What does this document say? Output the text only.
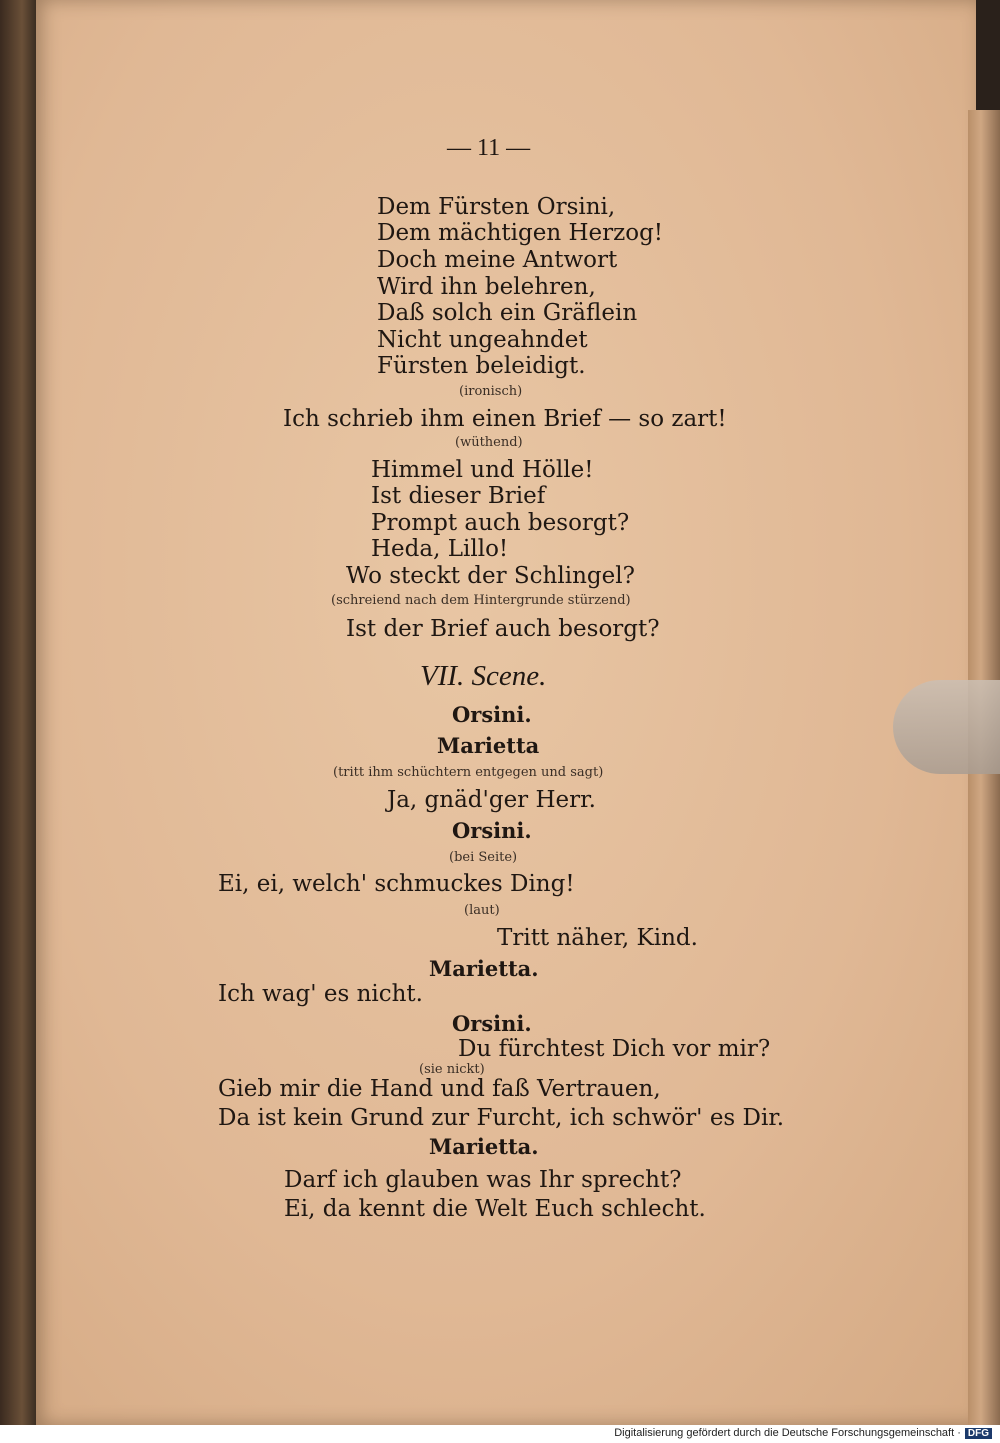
— 11 —
Dem Fürsten Orsini,
Dem mächtigen Herzog!
Doch meine Antwort
Wird ihn belehren,
Daß solch ein Gräflein
Nicht ungeahndet
Fürsten beleidigt.
(ironisch)
Ich schrieb ihm einen Brief — so zart!
(wüthend)
Himmel und Hölle!
Ist dieser Brief
Prompt auch besorgt?
Heda, Lillo!
Wo steckt der Schlingel?
(schreiend nach dem Hintergrunde stürzend)
Ist der Brief auch besorgt?
VII. Scene.
Orsini.
Marietta
(tritt ihm schüchtern entgegen und sagt)
Ja, gnäd'ger Herr.
Orsini.
(bei Seite)
Ei, ei, welch' schmuckes Ding!
(laut)
Tritt näher, Kind.
Marietta.
Ich wag' es nicht.
Orsini.
Du fürchtest Dich vor mir?
(sie nickt)
Gieb mir die Hand und faß Vertrauen,
Da ist kein Grund zur Furcht, ich schwör' es Dir.
Marietta.
Darf ich glauben was Ihr sprecht?
Ei, da kennt die Welt Euch schlecht.
Digitalisierung gefördert durch die Deutsche Forschungsgemeinschaft · DFG
